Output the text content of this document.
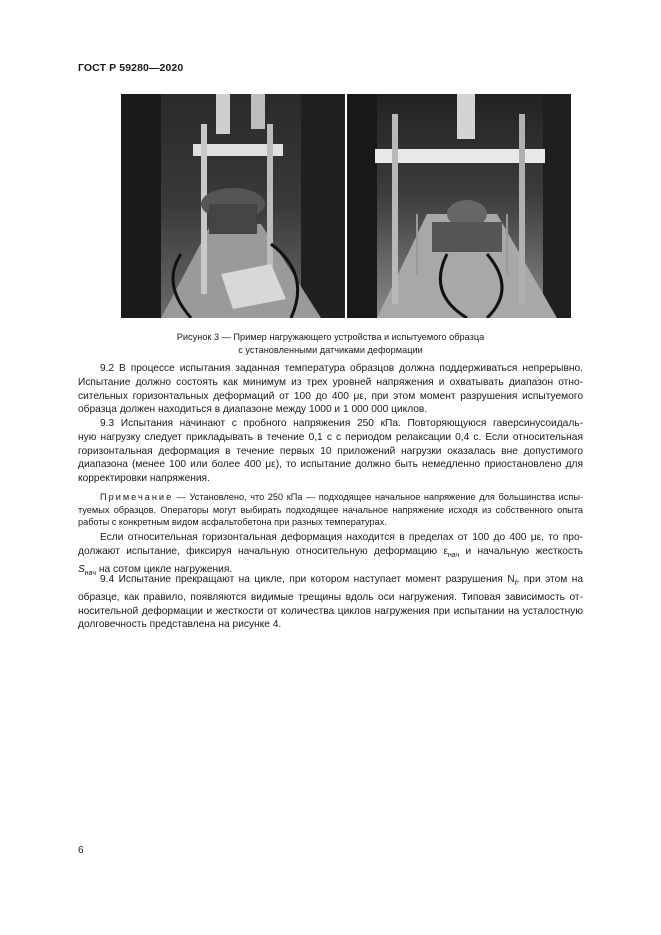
ГОСТ Р 59280—2020
Рисунок 3 — Пример нагружающего устройства и испытуемого образца
с установленными датчиками деформации
9.2 В процессе испытания заданная температура образцов должна поддерживаться непрерывно.
Испытание должно состоять как минимум из трех уровней напряжения и охватывать диапазон отно-
сительных горизонтальных деформаций от 100 до 400 με, при этом момент разрушения испытуемого
образца должен находиться в диапазоне между 1000 и 1 000 000 циклов.
9.3 Испытания начинают с пробного напряжения 250 кПа. Повторяющуюся гаверсинусоидаль-
ную нагрузку следует прикладывать в течение 0,1 с с периодом релаксации 0,4 с. Если относительная
горизонтальная деформация в течение первых 10 приложений нагрузки оказалась вне допустимого
диапазона (менее 100 или более 400 με), то испытание должно быть немедленно приостановлено для
корректировки напряжения.
Примечание — Установлено, что 250 кПа — подходящее начальное напряжение для большинства испы-
туемых образцов. Операторы могут выбирать подходящее начальное напряжение исходя из собственного опыта
работы с конкретным видом асфальтобетона при разных температурах.
Если относительная горизонтальная деформация находится в пределах от 100 до 400 με, то про-
должают испытание, фиксируя начальную относительную деформацию $\varepsilon_{нач}$ и начальную жесткость
$S_{нач}$ на сотом цикле нагружения.
9.4 Испытание прекращают на цикле, при котором наступает момент разрушения $N_f$, при этом на
образце, как правило, появляются видимые трещины вдоль оси нагружения. Типовая зависимость от-
носительной деформации и жесткости от количества циклов нагружения при испытании на усталостную
долговечность представлена на рисунке 4.
6
